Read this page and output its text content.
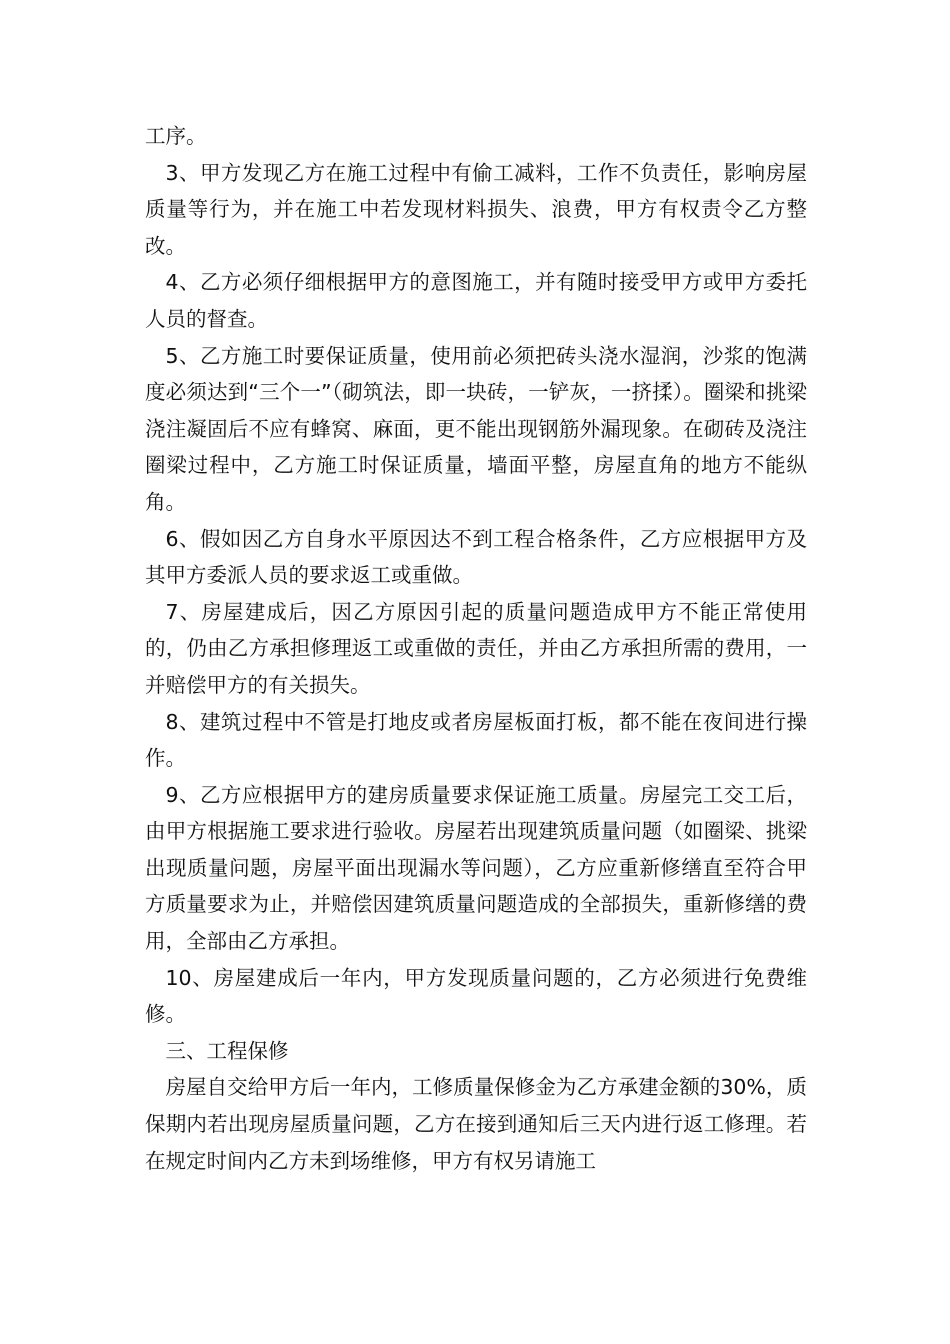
工序。

3、甲方发现乙方在施工过程中有偷工减料，工作不负责任，影响房屋质量等行为，并在施工中若发现材料损失、浪费，甲方有权责令乙方整改。

4、乙方必须仔细根据甲方的意图施工，并有随时接受甲方或甲方委托人员的督查。

5、乙方施工时要保证质量，使用前必须把砖头浇水湿润，沙浆的饱满度必须达到“三个一”（砌筑法，即一块砖，一铲灰，一挤揉）。圈梁和挑梁浇注凝固后不应有蜂窝、麻面，更不能出现钢筋外漏现象。在砌砖及浇注圈梁过程中，乙方施工时保证质量，墙面平整，房屋直角的地方不能纵角。

6、假如因乙方自身水平原因达不到工程合格条件，乙方应根据甲方及其甲方委派人员的要求返工或重做。

7、房屋建成后，因乙方原因引起的质量问题造成甲方不能正常使用的，仍由乙方承担修理返工或重做的责任，并由乙方承担所需的费用，一并赔偿甲方的有关损失。

8、建筑过程中不管是打地皮或者房屋板面打板，都不能在夜间进行操作。

9、乙方应根据甲方的建房质量要求保证施工质量。房屋完工交工后，由甲方根据施工要求进行验收。房屋若出现建筑质量问题（如圈梁、挑梁出现质量问题，房屋平面出现漏水等问题），乙方应重新修缮直至符合甲方质量要求为止，并赔偿因建筑质量问题造成的全部损失，重新修缮的费用，全部由乙方承担。

10、房屋建成后一年内，甲方发现质量问题的，乙方必须进行免费维修。

三、工程保修

房屋自交给甲方后一年内，工修质量保修金为乙方承建金额的30%，质保期内若出现房屋质量问题，乙方在接到通知后三天内进行返工修理。若在规定时间内乙方未到场维修，甲方有权另请施工
